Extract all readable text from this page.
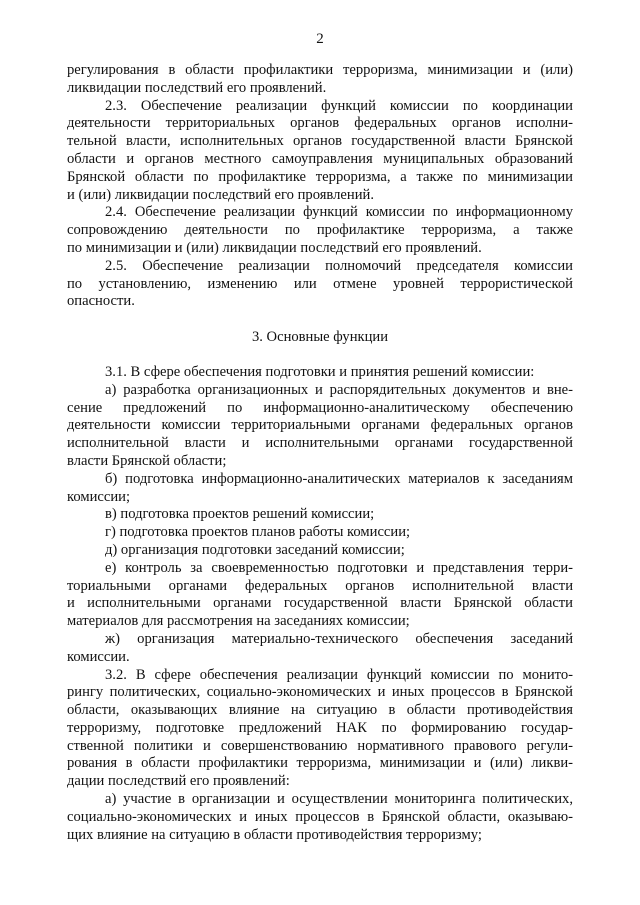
2
регулирования в области профилактики терроризма, минимизации и (или)
ликвидации последствий его проявлений.
2.3. Обеспечение реализации функций комиссии по координации
деятельности территориальных органов федеральных органов исполни-
тельной власти, исполнительных органов государственной власти Брянской
области и органов местного самоуправления муниципальных образований
Брянской области по профилактике терроризма, а также по минимизации
и (или) ликвидации последствий его проявлений.
2.4. Обеспечение реализации функций комиссии по информационному
сопровождению деятельности по профилактике терроризма, а также
по минимизации и (или) ликвидации последствий его проявлений.
2.5. Обеспечение реализации полномочий председателя комиссии
по установлению, изменению или отмене уровней террористической
опасности.
3. Основные функции
3.1. В сфере обеспечения подготовки и принятия решений комиссии:
а) разработка организационных и распорядительных документов и вне-
сение предложений по информационно-аналитическому обеспечению
деятельности комиссии территориальными органами федеральных органов
исполнительной власти и исполнительными органами государственной
власти Брянской области;
б) подготовка информационно-аналитических материалов к заседаниям
комиссии;
в) подготовка проектов решений комиссии;
г) подготовка проектов планов работы комиссии;
д) организация подготовки заседаний комиссии;
е) контроль за своевременностью подготовки и представления терри-
ториальными органами федеральных органов исполнительной власти
и исполнительными органами государственной власти Брянской области
материалов для рассмотрения на заседаниях комиссии;
ж) организация материально-технического обеспечения заседаний
комиссии.
3.2. В сфере обеспечения реализации функций комиссии по монито-
рингу политических, социально-экономических и иных процессов в Брянской
области, оказывающих влияние на ситуацию в области противодействия
терроризму, подготовке предложений НАК по формированию государ-
ственной политики и совершенствованию нормативного правового регули-
рования в области профилактики терроризма, минимизации и (или) ликви-
дации последствий его проявлений:
а) участие в организации и осуществлении мониторинга политических,
социально-экономических и иных процессов в Брянской области, оказываю-
щих влияние на ситуацию в области противодействия терроризму;
